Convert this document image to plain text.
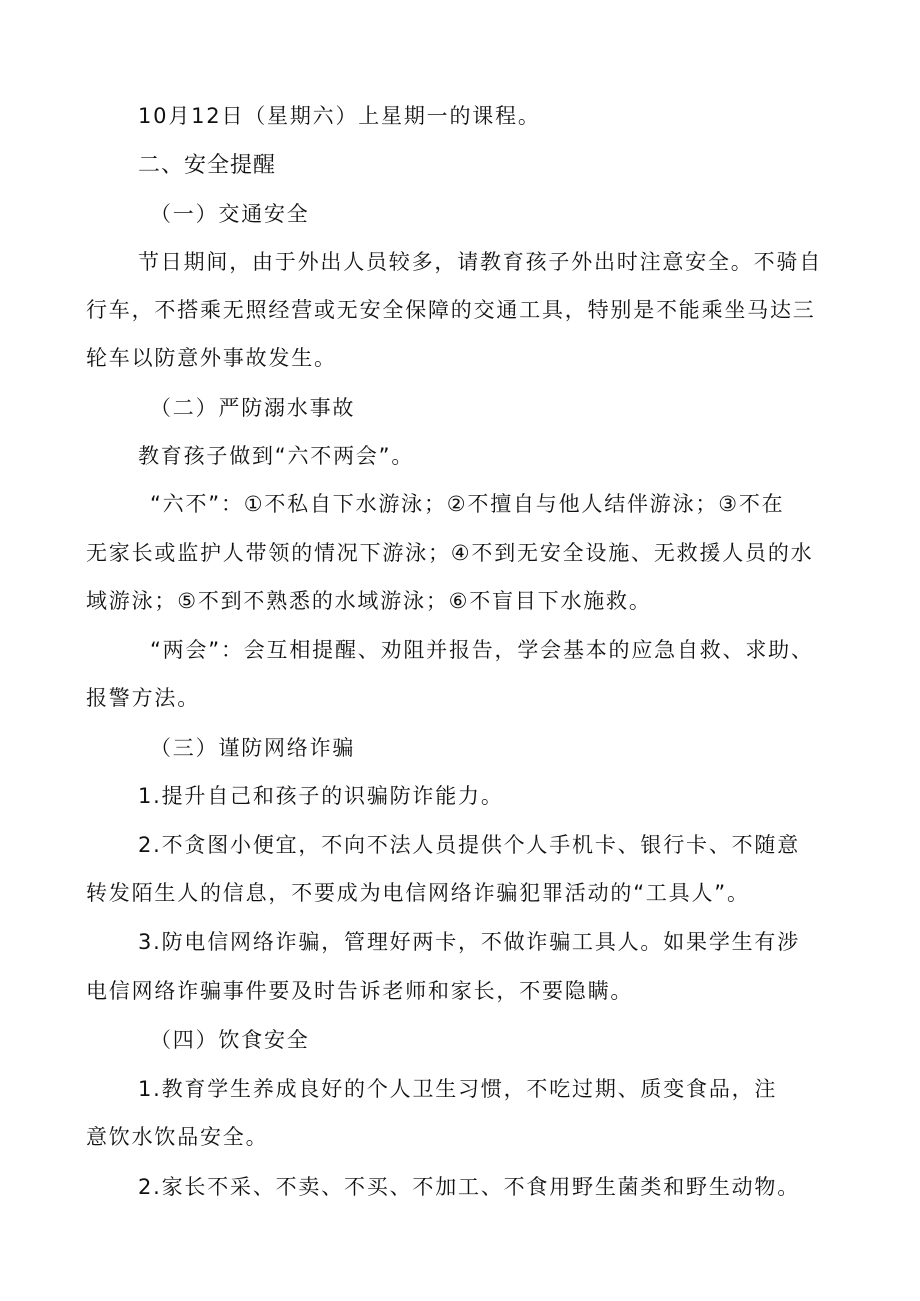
10月12日（星期六）上星期一的课程。
二、安全提醒
（一）交通安全
节日期间，由于外出人员较多，请教育孩子外出时注意安全。不骑自
行车，不搭乘无照经营或无安全保障的交通工具，特别是不能乘坐马达三
轮车以防意外事故发生。
（二）严防溺水事故
教育孩子做到“六不两会”。
“六不”：①不私自下水游泳；②不擅自与他人结伴游泳；③不在
无家长或监护人带领的情况下游泳；④不到无安全设施、无救援人员的水
域游泳；⑤不到不熟悉的水域游泳；⑥不盲目下水施救。
“两会”：会互相提醒、劝阻并报告，学会基本的应急自救、求助、
报警方法。
（三）谨防网络诈骗
1.提升自己和孩子的识骗防诈能力。
2.不贪图小便宜，不向不法人员提供个人手机卡、银行卡、不随意
转发陌生人的信息，不要成为电信网络诈骗犯罪活动的“工具人”。
3.防电信网络诈骗，管理好两卡，不做诈骗工具人。如果学生有涉
电信网络诈骗事件要及时告诉老师和家长，不要隐瞒。
（四）饮食安全
1.教育学生养成良好的个人卫生习惯，不吃过期、质变食品，注
意饮水饮品安全。
2.家长不采、不卖、不买、不加工、不食用野生菌类和野生动物。
